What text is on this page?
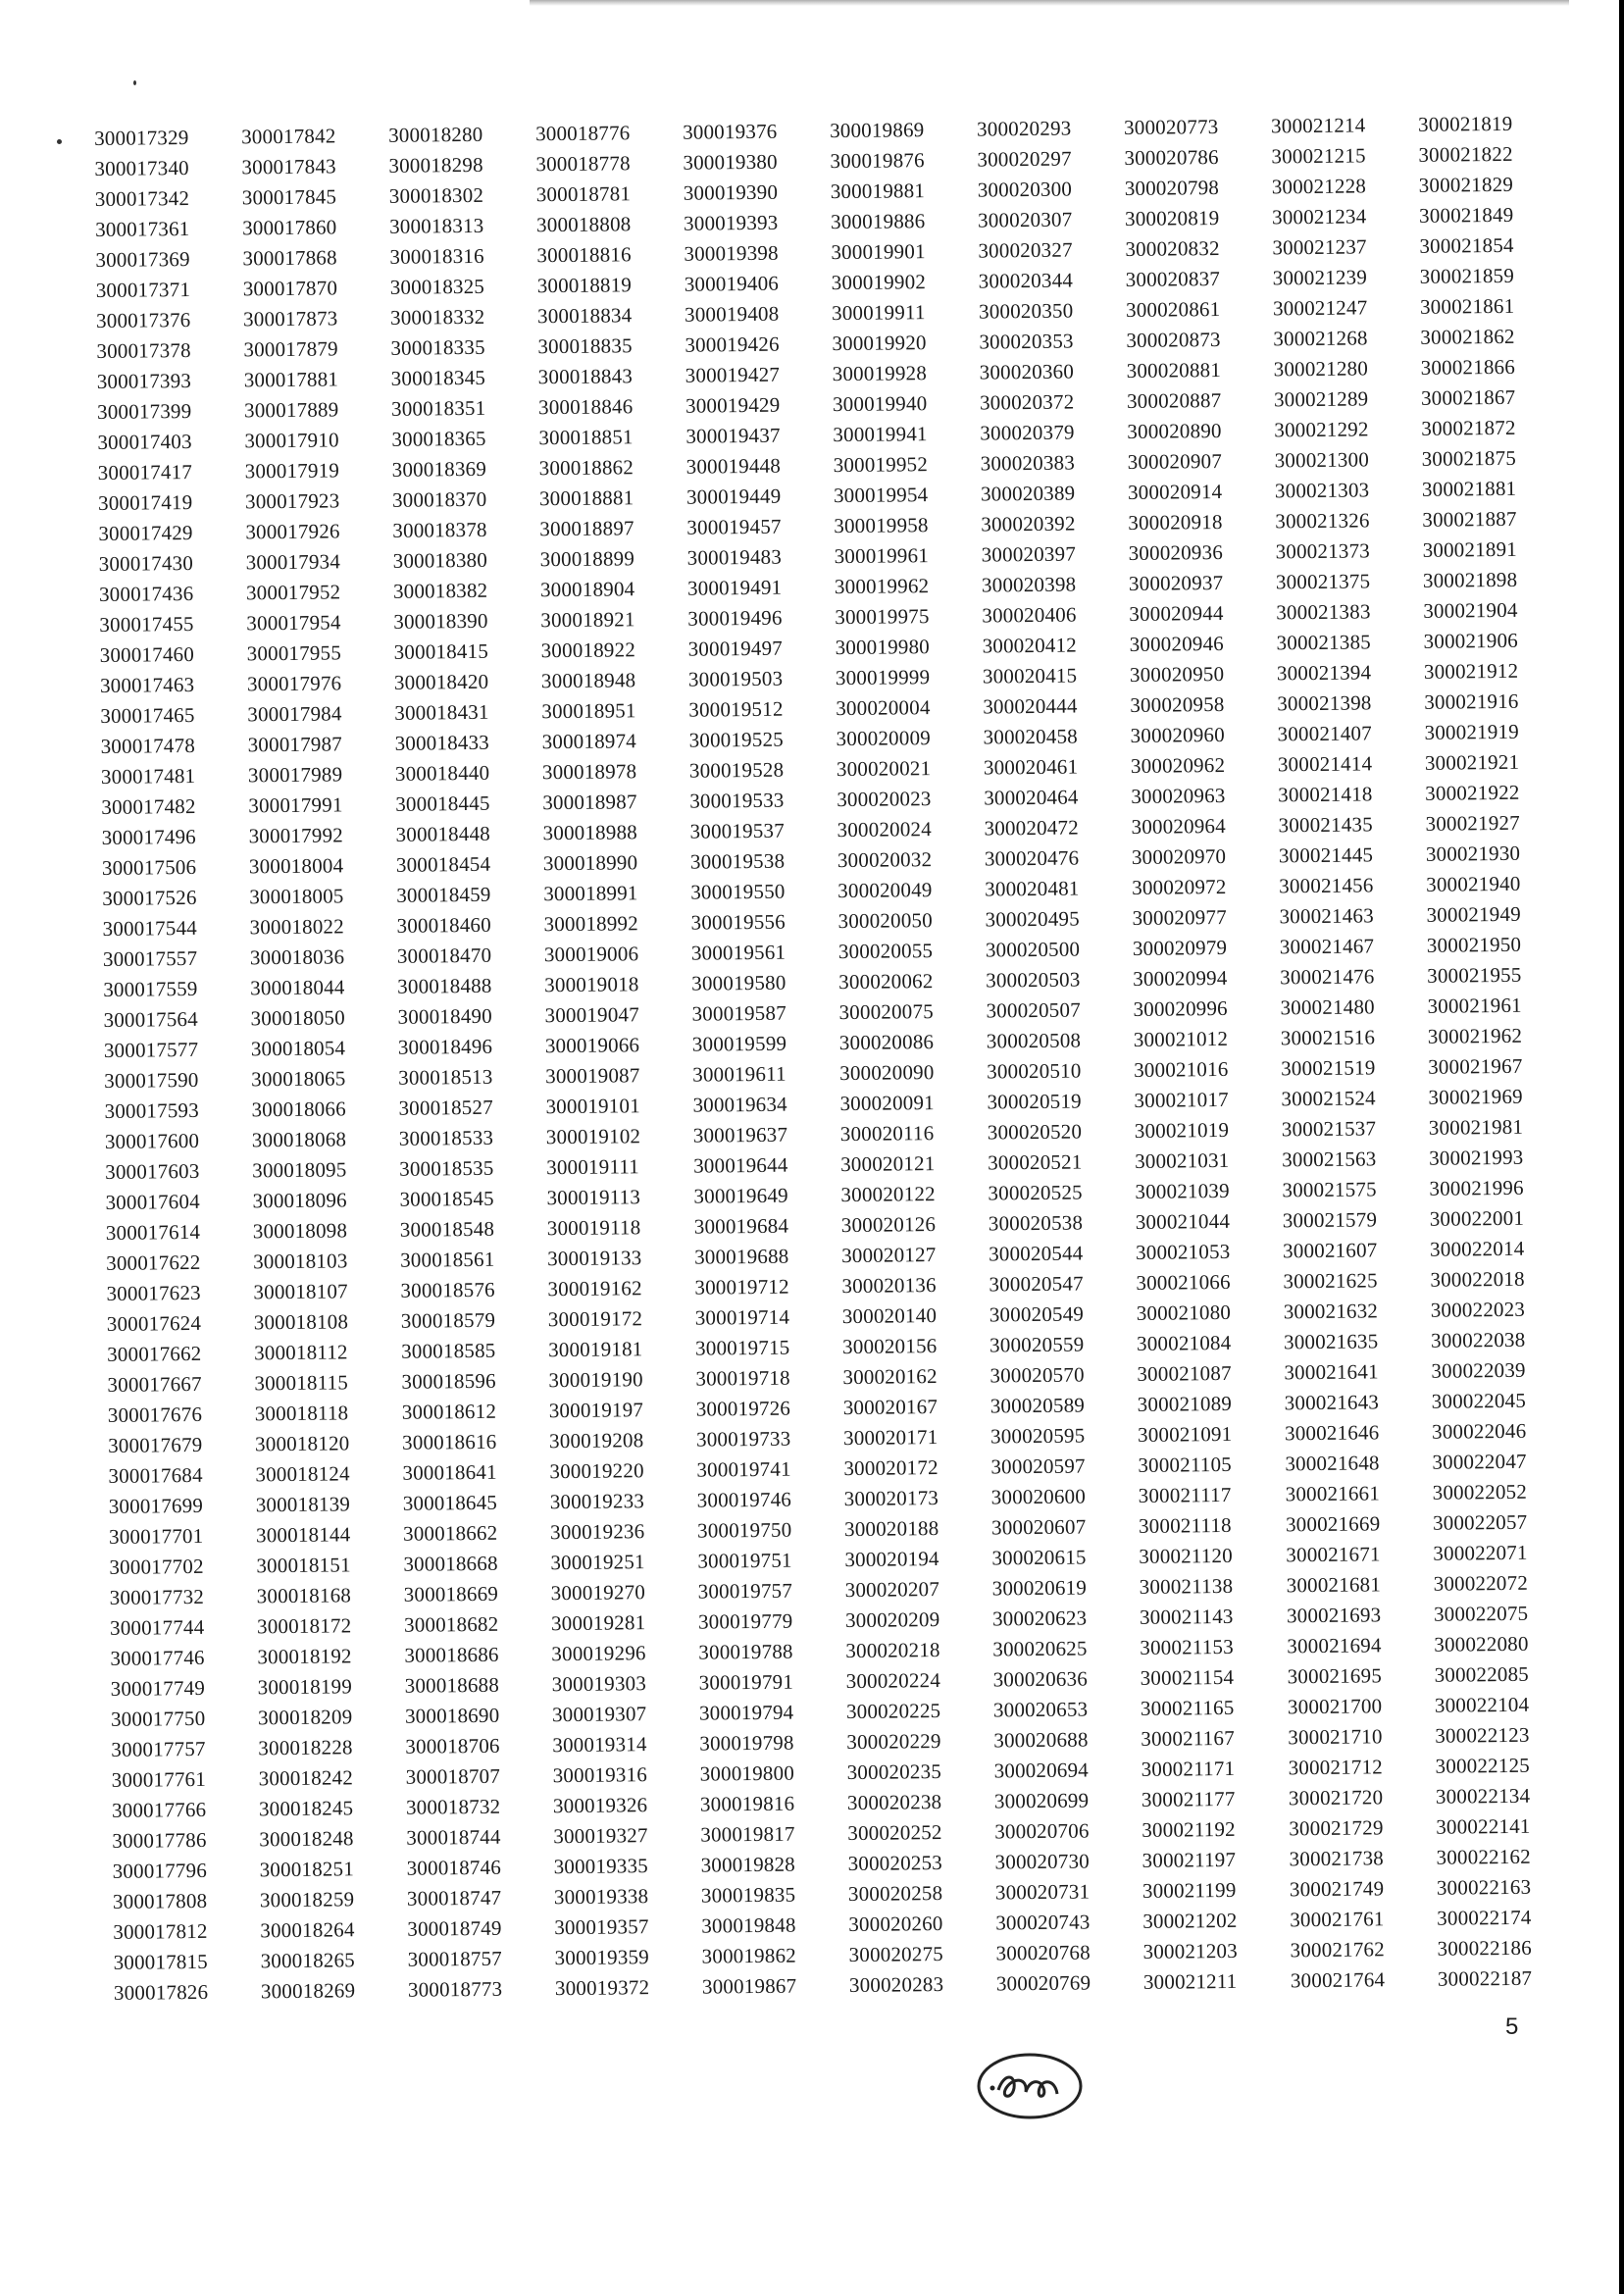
300017329
300017340
300017342
300017361
300017369
300017371
300017376
300017378
300017393
300017399
300017403
300017417
300017419
300017429
300017430
300017436
300017455
300017460
300017463
300017465
300017478
300017481
300017482
300017496
300017506
300017526
300017544
300017557
300017559
300017564
300017577
300017590
300017593
300017600
300017603
300017604
300017614
300017622
300017623
300017624
300017662
300017667
300017676
300017679
300017684
300017699
300017701
300017702
300017732
300017744
300017746
300017749
300017750
300017757
300017761
300017766
300017786
300017796
300017808
300017812
300017815
300017826
300017842
300017843
300017845
300017860
300017868
300017870
300017873
300017879
300017881
300017889
300017910
300017919
300017923
300017926
300017934
300017952
300017954
300017955
300017976
300017984
300017987
300017989
300017991
300017992
300018004
300018005
300018022
300018036
300018044
300018050
300018054
300018065
300018066
300018068
300018095
300018096
300018098
300018103
300018107
300018108
300018112
300018115
300018118
300018120
300018124
300018139
300018144
300018151
300018168
300018172
300018192
300018199
300018209
300018228
300018242
300018245
300018248
300018251
300018259
300018264
300018265
300018269
300018280
300018298
300018302
300018313
300018316
300018325
300018332
300018335
300018345
300018351
300018365
300018369
300018370
300018378
300018380
300018382
300018390
300018415
300018420
300018431
300018433
300018440
300018445
300018448
300018454
300018459
300018460
300018470
300018488
300018490
300018496
300018513
300018527
300018533
300018535
300018545
300018548
300018561
300018576
300018579
300018585
300018596
300018612
300018616
300018641
300018645
300018662
300018668
300018669
300018682
300018686
300018688
300018690
300018706
300018707
300018732
300018744
300018746
300018747
300018749
300018757
300018773
300018776
300018778
300018781
300018808
300018816
300018819
300018834
300018835
300018843
300018846
300018851
300018862
300018881
300018897
300018899
300018904
300018921
300018922
300018948
300018951
300018974
300018978
300018987
300018988
300018990
300018991
300018992
300019006
300019018
300019047
300019066
300019087
300019101
300019102
300019111
300019113
300019118
300019133
300019162
300019172
300019181
300019190
300019197
300019208
300019220
300019233
300019236
300019251
300019270
300019281
300019296
300019303
300019307
300019314
300019316
300019326
300019327
300019335
300019338
300019357
300019359
300019372
300019376
300019380
300019390
300019393
300019398
300019406
300019408
300019426
300019427
300019429
300019437
300019448
300019449
300019457
300019483
300019491
300019496
300019497
300019503
300019512
300019525
300019528
300019533
300019537
300019538
300019550
300019556
300019561
300019580
300019587
300019599
300019611
300019634
300019637
300019644
300019649
300019684
300019688
300019712
300019714
300019715
300019718
300019726
300019733
300019741
300019746
300019750
300019751
300019757
300019779
300019788
300019791
300019794
300019798
300019800
300019816
300019817
300019828
300019835
300019848
300019862
300019867
300019869
300019876
300019881
300019886
300019901
300019902
300019911
300019920
300019928
300019940
300019941
300019952
300019954
300019958
300019961
300019962
300019975
300019980
300019999
300020004
300020009
300020021
300020023
300020024
300020032
300020049
300020050
300020055
300020062
300020075
300020086
300020090
300020091
300020116
300020121
300020122
300020126
300020127
300020136
300020140
300020156
300020162
300020167
300020171
300020172
300020173
300020188
300020194
300020207
300020209
300020218
300020224
300020225
300020229
300020235
300020238
300020252
300020253
300020258
300020260
300020275
300020283
300020293
300020297
300020300
300020307
300020327
300020344
300020350
300020353
300020360
300020372
300020379
300020383
300020389
300020392
300020397
300020398
300020406
300020412
300020415
300020444
300020458
300020461
300020464
300020472
300020476
300020481
300020495
300020500
300020503
300020507
300020508
300020510
300020519
300020520
300020521
300020525
300020538
300020544
300020547
300020549
300020559
300020570
300020589
300020595
300020597
300020600
300020607
300020615
300020619
300020623
300020625
300020636
300020653
300020688
300020694
300020699
300020706
300020730
300020731
300020743
300020768
300020769
300020773
300020786
300020798
300020819
300020832
300020837
300020861
300020873
300020881
300020887
300020890
300020907
300020914
300020918
300020936
300020937
300020944
300020946
300020950
300020958
300020960
300020962
300020963
300020964
300020970
300020972
300020977
300020979
300020994
300020996
300021012
300021016
300021017
300021019
300021031
300021039
300021044
300021053
300021066
300021080
300021084
300021087
300021089
300021091
300021105
300021117
300021118
300021120
300021138
300021143
300021153
300021154
300021165
300021167
300021171
300021177
300021192
300021197
300021199
300021202
300021203
300021211
300021214
300021215
300021228
300021234
300021237
300021239
300021247
300021268
300021280
300021289
300021292
300021300
300021303
300021326
300021373
300021375
300021383
300021385
300021394
300021398
300021407
300021414
300021418
300021435
300021445
300021456
300021463
300021467
300021476
300021480
300021516
300021519
300021524
300021537
300021563
300021575
300021579
300021607
300021625
300021632
300021635
300021641
300021643
300021646
300021648
300021661
300021669
300021671
300021681
300021693
300021694
300021695
300021700
300021710
300021712
300021720
300021729
300021738
300021749
300021761
300021762
300021764
300021819
300021822
300021829
300021849
300021854
300021859
300021861
300021862
300021866
300021867
300021872
300021875
300021881
300021887
300021891
300021898
300021904
300021906
300021912
300021916
300021919
300021921
300021922
300021927
300021930
300021940
300021949
300021950
300021955
300021961
300021962
300021967
300021969
300021981
300021993
300021996
300022001
300022014
300022018
300022023
300022038
300022039
300022045
300022046
300022047
300022052
300022057
300022071
300022072
300022075
300022080
300022085
300022104
300022123
300022125
300022134
300022141
300022162
300022163
300022174
300022186
300022187
5
